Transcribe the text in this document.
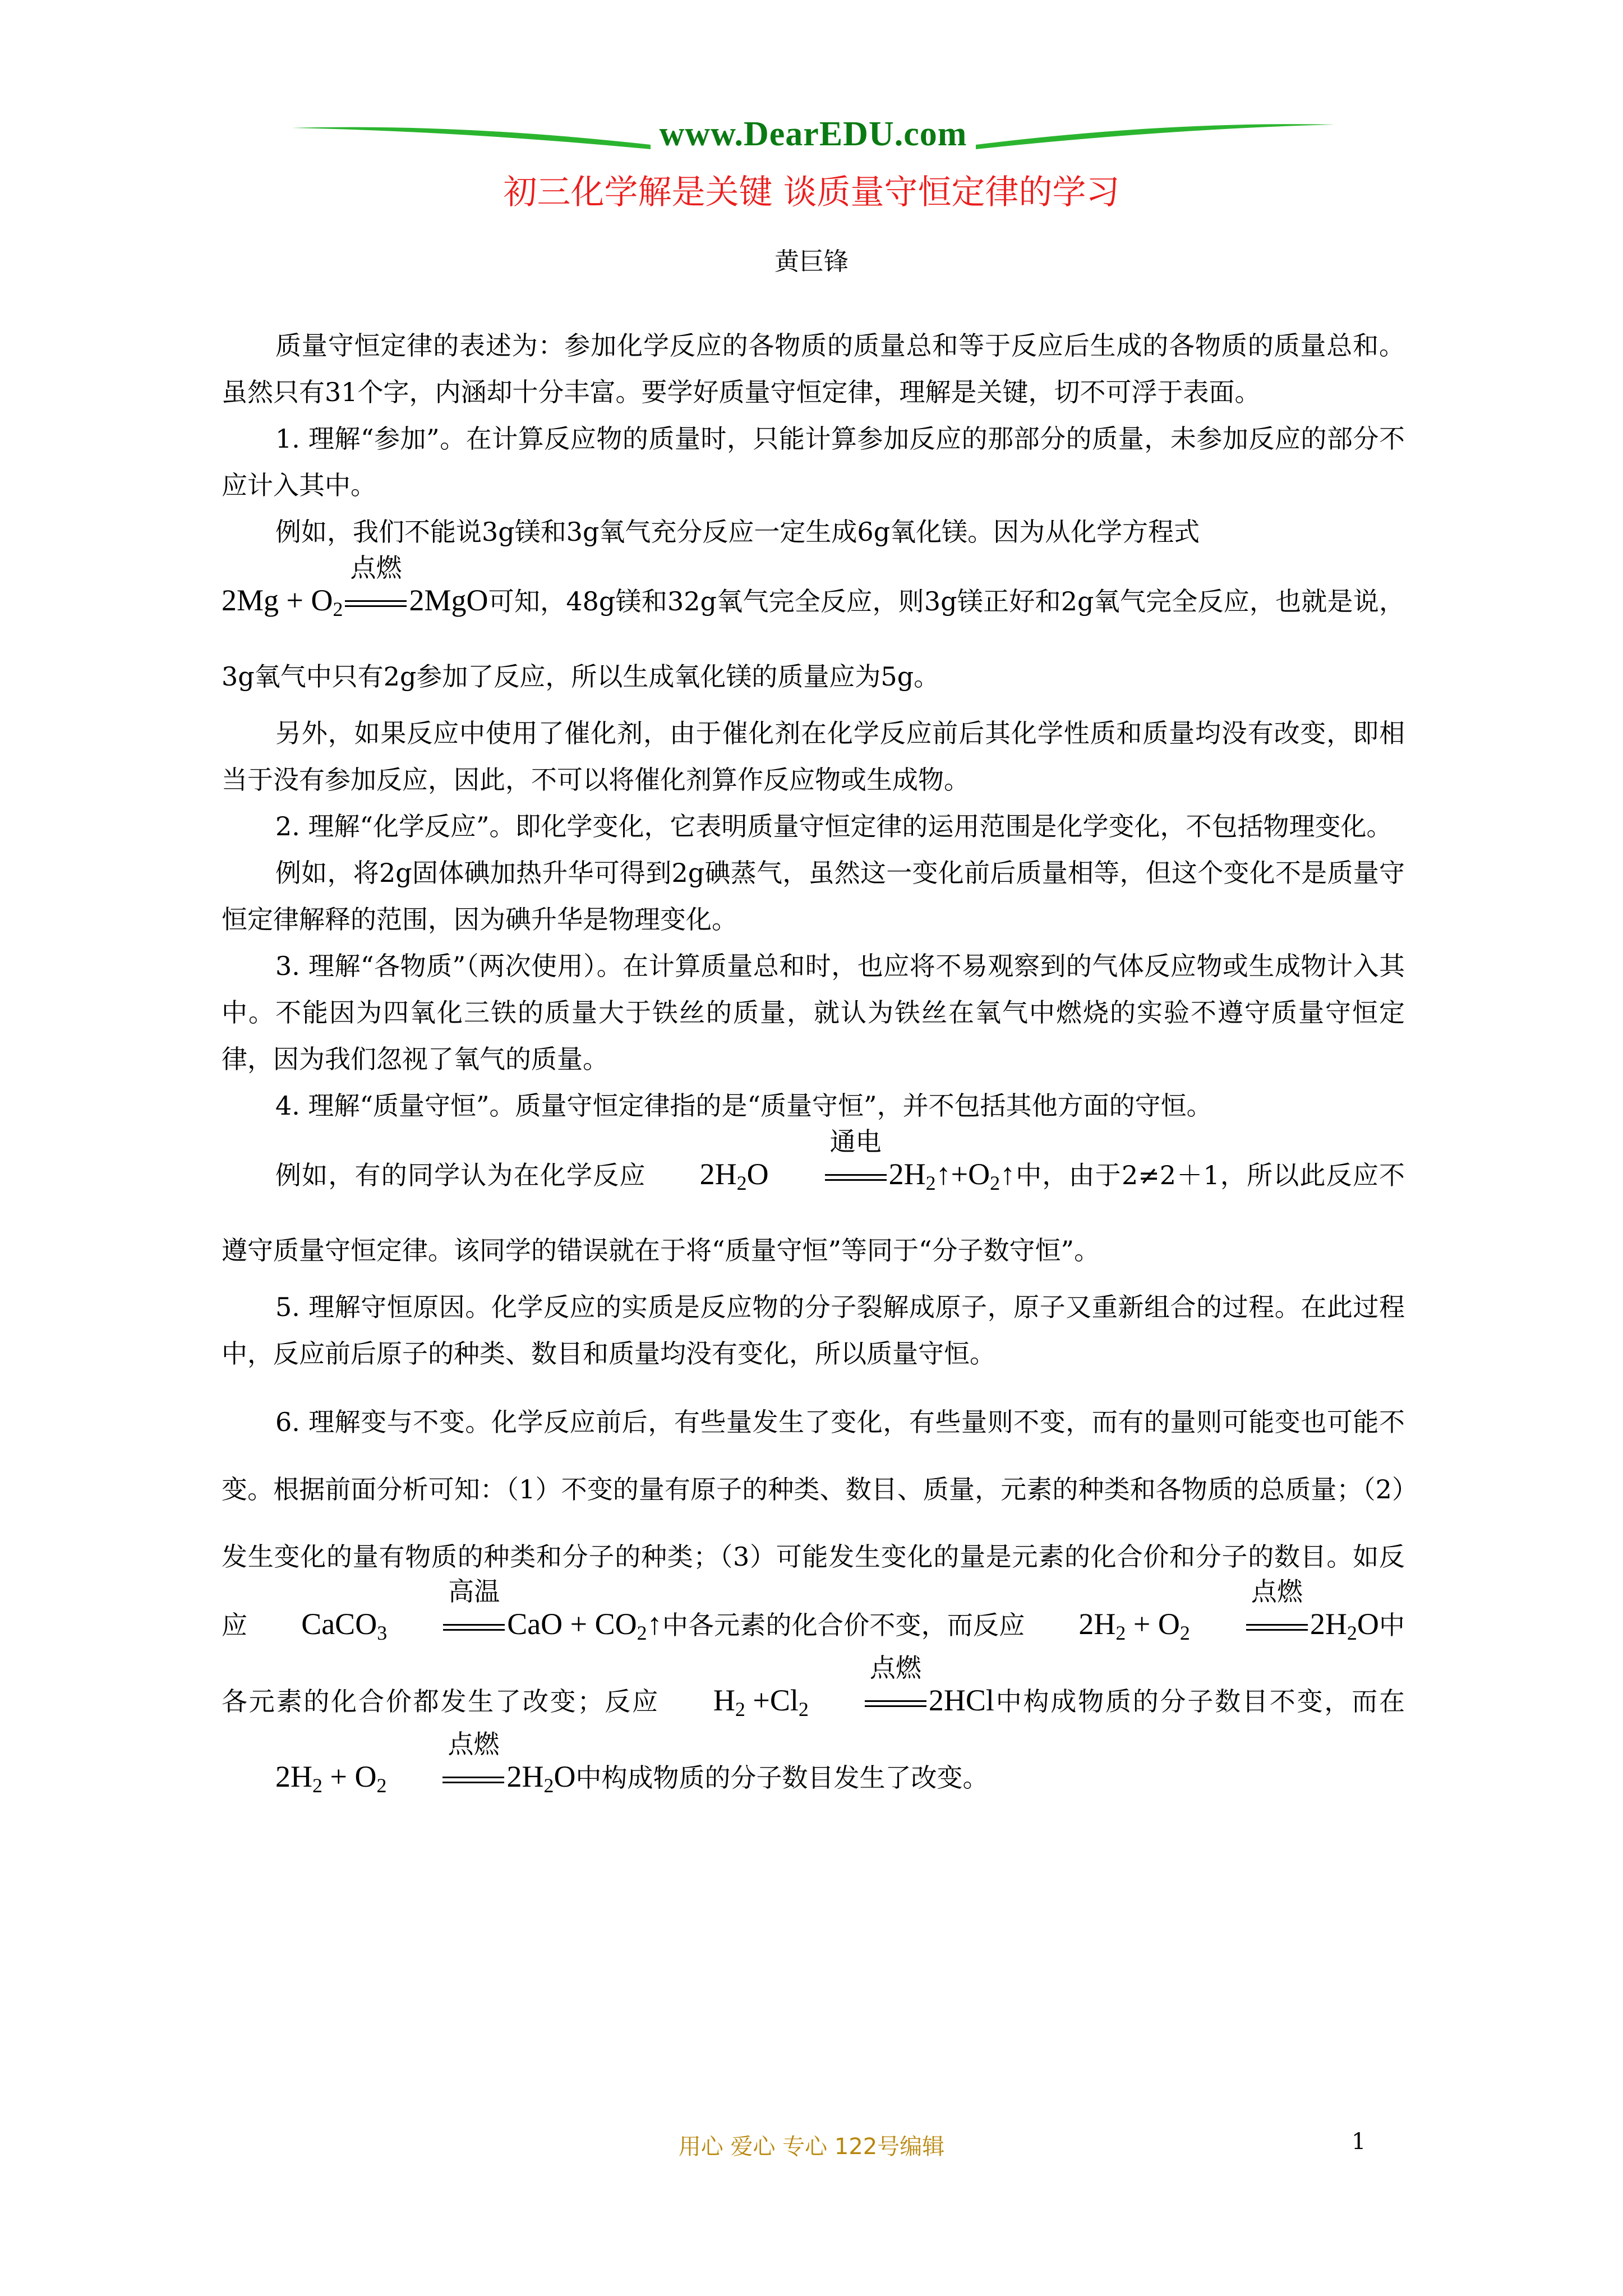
www.DearEDU.com
初三化学解是关键 谈质量守恒定律的学习
黄巨锋

质量守恒定律的表述为：参加化学反应的各物质的质量总和等于反应后生成的各物质的质量总和。虽然只有31个字，内涵却十分丰富。要学好质量守恒定律，理解是关键，切不可浮于表面。

1. 理解“参加”。在计算反应物的质量时，只能计算参加反应的那部分的质量，未参加反应的部分不应计入其中。

例如，我们不能说3g镁和3g氧气充分反应一定生成6g氧化镁。因为从化学方程式

$2Mg + O_2$
点燃
2MgO可知，48g镁和32g氧气完全反应，则3g镁正好和2g氧气完全反应，也就是说，3g氧气中只有2g参加了反应，所以生成氧化镁的质量应为5g。

另外，如果反应中使用了催化剂，由于催化剂在化学反应前后其化学性质和质量均没有改变，即相当于没有参加反应，因此，不可以将催化剂算作反应物或生成物。

2. 理解“化学反应”。即化学变化，它表明质量守恒定律的运用范围是化学变化，不包括物理变化。

例如，将2g固体碘加热升华可得到2g碘蒸气，虽然这一变化前后质量相等，但这个变化不是质量守恒定律解释的范围，因为碘升华是物理变化。

3. 理解“各物质”（两次使用）。在计算质量总和时，也应将不易观察到的气体反应物或生成物计入其中。不能因为四氧化三铁的质量大于铁丝的质量，就认为铁丝在氧气中燃烧的实验不遵守质量守恒定律，因为我们忽视了氧气的质量。

4. 理解“质量守恒”。质量守恒定律指的是“质量守恒”，并不包括其他方面的守恒。

例如，有的同学认为在化学反应 $2H_2O$
通电
$2H_2↑+O_2↑$中，由于2≠2＋1，所以此反应不遵守质量守恒定律。该同学的错误就在于将“质量守恒”等同于“分子数守恒”。

5. 理解守恒原因。化学反应的实质是反应物的分子裂解成原子，原子又重新组合的过程。在此过程中，反应前后原子的种类、数目和质量均没有变化，所以质量守恒。

6. 理解变与不变。化学反应前后，有些量发生了变化，有些量则不变，而有的量则可能变也可能不变。根据前面分析可知：（1）不变的量有原子的种类、数目、质量，元素的种类和各物质的总质量；（2）发生变化的量有物质的种类和分子的种类；（3）可能发生变化的量是元素的化合价和分子的数目。如反应 CaCO$_3$
高温
CaO + $CO_2↑$中各元素的化合价不变，而反应 $2H_2 + O_2$
点燃
$2H_2O$中各元素的化合价都发生了改变；反应 $H_2 +Cl_2$
点燃
2HCl中构成物质的分子数目不变，而在$2H_2 + O_2$
点燃
$2H_2O$中构成物质的分子数目发生了改变。

用心 爱心 专心 122号编辑	1
